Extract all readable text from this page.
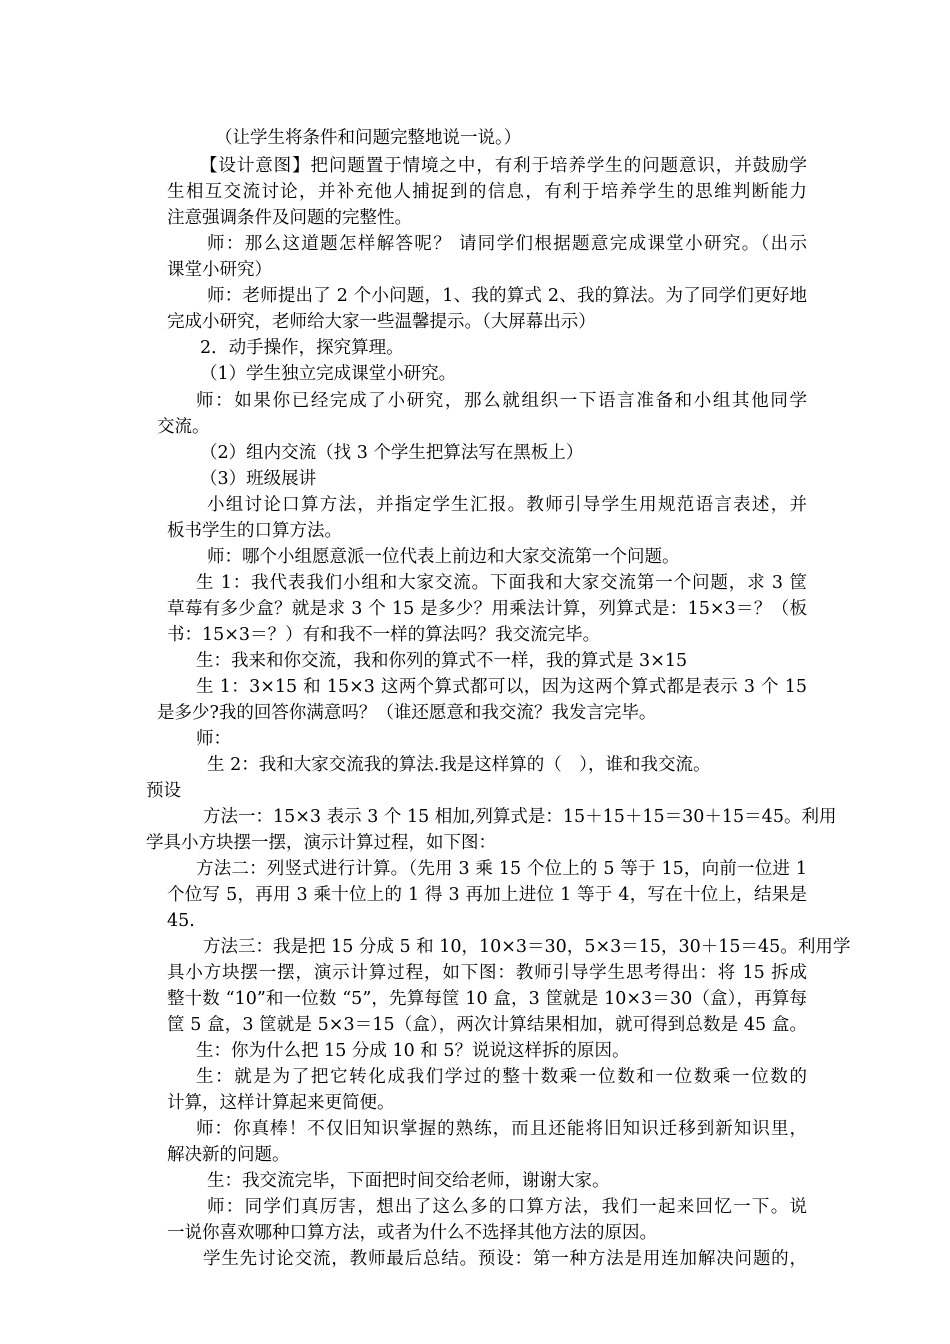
（让学生将条件和问题完整地说一说。）

【设计意图】把问题置于情境之中，有利于培养学生的问题意识，并鼓励学

生相互交流讨论，并补充他人捕捉到的信息，有利于培养学生的思维判断能力

注意强调条件及问题的完整性。

师：那么这道题怎样解答呢？ 请同学们根据题意完成课堂小研究。（出示

课堂小研究）

师：老师提出了 2 个小问题，1、我的算式 2、我的算法。为了同学们更好地

完成小研究，老师给大家一些温馨提示。（大屏幕出示）

2．动手操作，探究算理。

（1）学生独立完成课堂小研究。

师：如果你已经完成了小研究，那么就组织一下语言准备和小组其他同学

交流。

（2）组内交流（找 3 个学生把算法写在黑板上）

（3）班级展讲

小组讨论口算方法，并指定学生汇报。教师引导学生用规范语言表述，并

板书学生的口算方法。

师：哪个小组愿意派一位代表上前边和大家交流第一个问题。

生 1：我代表我们小组和大家交流。下面我和大家交流第一个问题，求 3 筐

草莓有多少盒？就是求 3 个 15 是多少？用乘法计算，列算式是：15×3＝？（板

书：15×3＝？）有和我不一样的算法吗？我交流完毕。

生：我来和你交流，我和你列的算式不一样，我的算式是 3×15

生 1：3×15 和 15×3 这两个算式都可以，因为这两个算式都是表示 3 个 15

是多少?我的回答你满意吗？（谁还愿意和我交流？我发言完毕。

师：

生 2：我和大家交流我的算法.我是这样算的（　），谁和我交流。

预设

方法一：15×3 表示 3 个 15 相加,列算式是：15＋15＋15＝30＋15＝45。利用

学具小方块摆一摆，演示计算过程，如下图：

方法二：列竖式进行计算。（先用 3 乘 15 个位上的 5 等于 15，向前一位进 1

个位写 5，再用 3 乘十位上的 1 得 3 再加上进位 1 等于 4，写在十位上，结果是

45.

方法三：我是把 15 分成 5 和 10，10×3＝30，5×3＝15，30＋15＝45。利用学

具小方块摆一摆，演示计算过程，如下图：教师引导学生思考得出：将 15 拆成

整十数 “10”和一位数 “5”，先算每筐 10 盒，3 筐就是 10×3＝30（盒），再算每

筐 5 盒，3 筐就是 5×3＝15（盒），两次计算结果相加，就可得到总数是 45 盒。

生：你为什么把 15 分成 10 和 5？说说这样拆的原因。

生：就是为了把它转化成我们学过的整十数乘一位数和一位数乘一位数的

计算，这样计算起来更简便。

师：你真棒！不仅旧知识掌握的熟练，而且还能将旧知识迁移到新知识里，

解决新的问题。

生：我交流完毕，下面把时间交给老师，谢谢大家。

师：同学们真厉害，想出了这么多的口算方法，我们一起来回忆一下。说

一说你喜欢哪种口算方法，或者为什么不选择其他方法的原因。

学生先讨论交流，教师最后总结。预设：第一种方法是用连加解决问题的，
